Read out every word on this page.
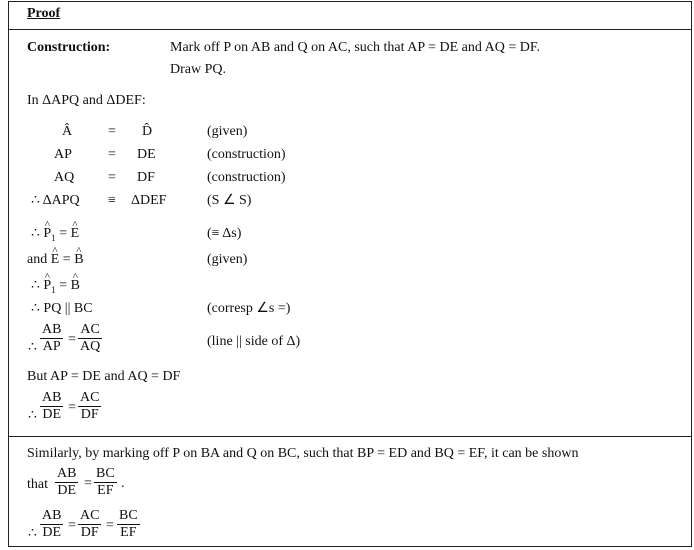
Proof
Construction:	Mark off P on AB and Q on AC, such that AP = DE and AQ = DF.
Draw PQ.
In ΔAPQ and ΔDEF:
Â	= D̂	(given)
AP	= DE	(construction)
AQ = DF	(construction)
∴ ΔAPQ ≡ ΔDEF	(S ∠ S)
∴ ^ $P_1$ = ^ E	(≡ Δs)
and ^ E = ^ B	(given)
∴ ^ $P_1$ = ^ B
∴ PQ || BC	(corresp ∠s =)
∴ $\frac{AB}{AP} = \frac{AC}{AQ}$	(line || side of Δ)
But AP = DE and AQ = DF
∴ $\frac{AB}{DE} = \frac{AC}{DF}$
Similarly, by marking off P on BA and Q on BC, such that BP = ED and BQ = EF, it can be shown
that $\frac{AB}{DE} = \frac{BC}{EF}$ .
∴ $\frac{AB}{DE} = \frac{AC}{DF} = \frac{BC}{EF}$
